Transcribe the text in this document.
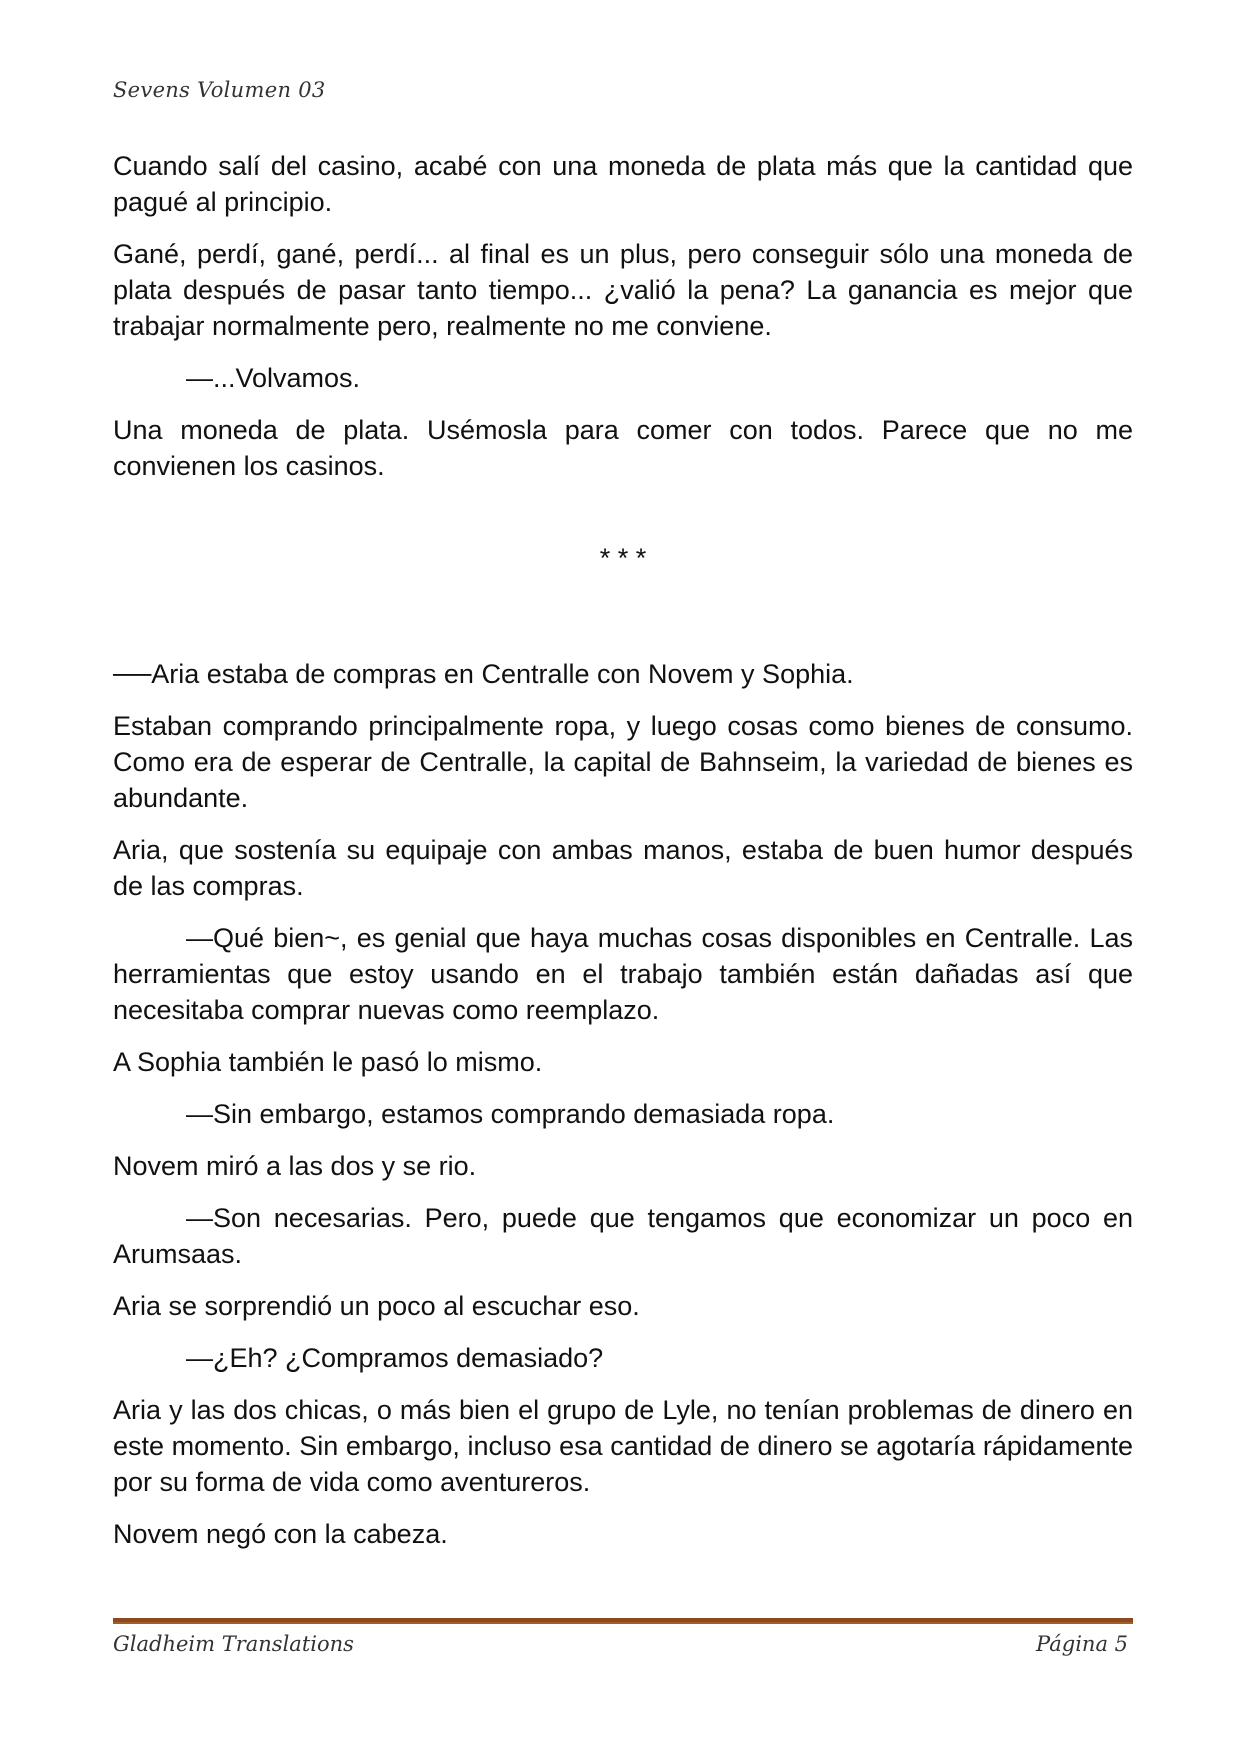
Sevens Volumen 03

Cuando salí del casino, acabé con una moneda de plata más que la cantidad que pagué al principio.

Gané, perdí, gané, perdí... al final es un plus, pero conseguir sólo una moneda de plata después de pasar tanto tiempo... ¿valió la pena? La ganancia es mejor que trabajar normalmente pero, realmente no me conviene.

—...Volvamos.

Una moneda de plata. Usémosla para comer con todos. Parece que no me convienen los casinos.

* * *

──Aria estaba de compras en Centralle con Novem y Sophia.

Estaban comprando principalmente ropa, y luego cosas como bienes de consumo. Como era de esperar de Centralle, la capital de Bahnseim, la variedad de bienes es abundante.

Aria, que sostenía su equipaje con ambas manos, estaba de buen humor después de las compras.

—Qué bien~, es genial que haya muchas cosas disponibles en Centralle. Las herramientas que estoy usando en el trabajo también están dañadas así que necesitaba comprar nuevas como reemplazo.

A Sophia también le pasó lo mismo.

—Sin embargo, estamos comprando demasiada ropa.

Novem miró a las dos y se rio.

—Son necesarias. Pero, puede que tengamos que economizar un poco en Arumsaas.

Aria se sorprendió un poco al escuchar eso.

—¿Eh? ¿Compramos demasiado?

Aria y las dos chicas, o más bien el grupo de Lyle, no tenían problemas de dinero en este momento. Sin embargo, incluso esa cantidad de dinero se agotaría rápidamente por su forma de vida como aventureros.

Novem negó con la cabeza.

Gladheim Translations	Página 5
